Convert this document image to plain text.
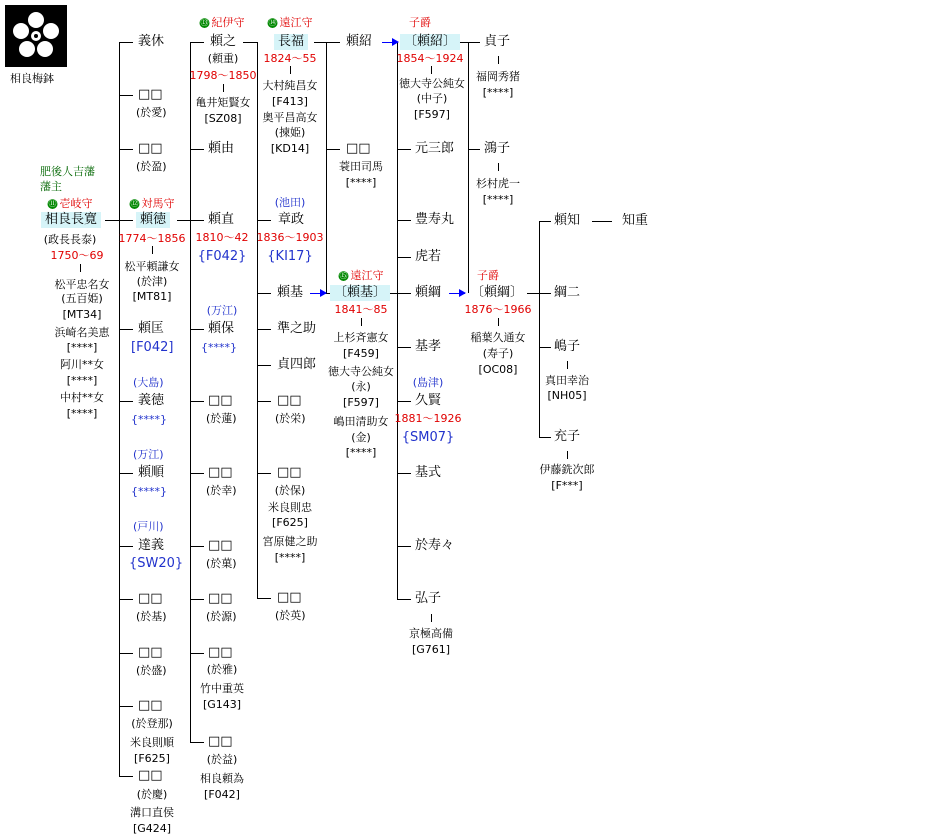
相良梅鉢
肥後人吉藩
藩主
⑪ 壱岐守
相良長寛
(政長長泰)
1750～69
松平忠名女
(五百姫)
[MT34]
浜崎名美恵
[****]
阿川**女
[****]
中村**女
[****]
義休
□□
(於愛)
□□
(於盈)
⑫ 対馬守
頼徳
1774～1856
松平頼謙女
(於津)
[MT81]
頼匡
[F042]
(大島)
義徳
{****}
(万江)
頼順
{****}
(戸川)
達義
{SW20}
□□
(於基)
□□
(於盛)
□□
(於登那)
米良則順
[F625]
□□
(於慶)
溝口直侯
[G424]
⑬ 紀伊守
頼之
(頼重)
1798～1850
亀井矩賢女
[SZ08]
頼由
頼直
1810～42
{F042}
(万江)
頼保
{****}
□□
(於蓮)
□□
(於幸)
□□
(於菓)
□□
(於源)
□□
(於雅)
竹中重英
[G143]
□□
(於益)
相良頼為
[F042]
⑭ 遠江守
長福
1824～55
大村純昌女
[F413]
奥平昌高女
(揀姫)
[KD14]
(池田)
章政
1836～1903
{KI17}
頼基
準之助
貞四郎
□□
(於栄)
□□
(於保)
米良則忠
[F625]
宮原健之助
[****]
□□
(於英)
頼紹
□□
蓑田司馬
[****]
⑮ 遠江守
〔頼基〕
1841～85
上杉斉憲女
[F459]
徳大寺公純女
(永)
[F597]
嶋田清助女
(金)
[****]
子爵
〔頼紹〕
1854～1924
徳大寺公純女
(中子)
[F597]
元三郎
豊寿丸
虎若
頼綱
基孝
(島津)
久賢
1881～1926
{SM07}
基式
於寿々
弘子
京極高備
[G761]
貞子
福岡秀猪
[****]
鴻子
杉村虎一
[****]
子爵
〔頼綱〕
1876～1966
稲葉久通女
(寿子)
[OC08]
頼知
綱二
嶋子
真田幸治
[NH05]
充子
伊藤銑次郎
[F***]
知重
